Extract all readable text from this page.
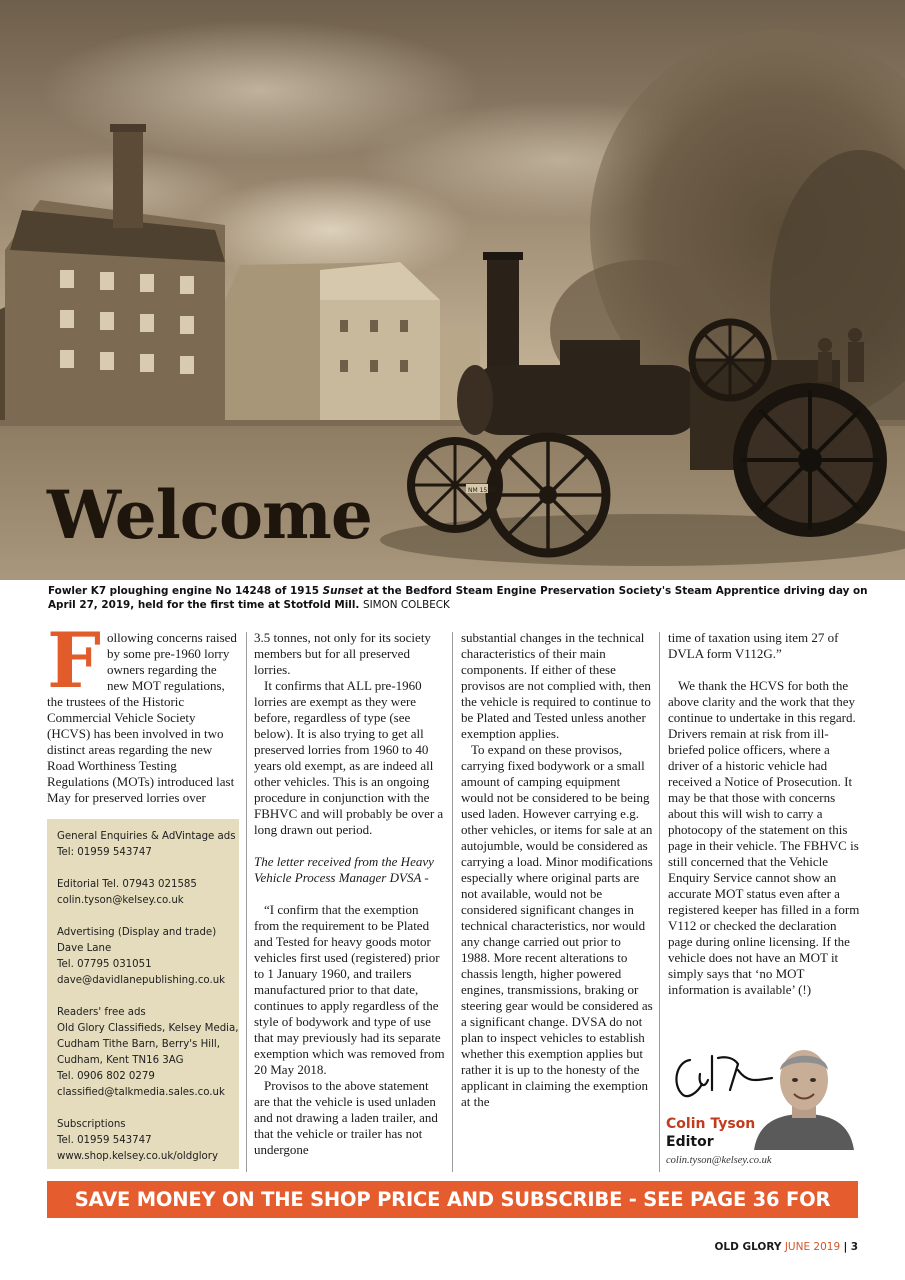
NM 1550
Welcome
Fowler K7 ploughing engine No 14248 of 1915 Sunset at the Bedford Steam Engine Preservation Society's Steam Apprentice driving day on April 27, 2019, held for the first time at Stotfold Mill. SIMON COLBECK
F ollowing concerns raised by some pre-1960 lorry owners regarding the new MOT regulations, the trustees of the Historic Commercial Vehicle Society (HCVS) has been involved in two distinct areas regarding the new Road Worthiness Testing Regulations (MOTs) introduced last May for preserved lorries over

General Enquiries & AdVintage ads
Tel: 01959 543747
Editorial Tel. 07943 021585
colin.tyson@kelsey.co.uk
Advertising (Display and trade)
Dave Lane
Tel. 07795 031051
dave@davidlanepublishing.co.uk
Readers' free ads
Old Glory Classifieds, Kelsey Media,
Cudham Tithe Barn, Berry's Hill,
Cudham, Kent TN16 3AG
Tel. 0906 802 0279
classified@talkmedia.sales.co.uk
Subscriptions
Tel. 01959 543747
www.shop.kelsey.co.uk/oldglory

3.5 tonnes, not only for its society members but for all preserved lorries.

It confirms that ALL pre-1960 lorries are exempt as they were before, regardless of type (see below). It is also trying to get all preserved lorries from 1960 to 40 years old exempt, as are indeed all other vehicles. This is an ongoing procedure in conjunction with the FBHVC and will probably be over a long drawn out period.

The letter received from the Heavy Vehicle Process Manager DVSA -

“I confirm that the exemption from the requirement to be Plated and Tested for heavy goods motor vehicles first used (registered) prior to 1 January 1960, and trailers manufactured prior to that date, continues to apply regardless of the style of bodywork and type of use that may previously had its separate exemption which was removed from 20 May 2018.

Provisos to the above statement are that the vehicle is used unladen and not drawing a laden trailer, and that the vehicle or trailer has not undergone

substantial changes in the technical characteristics of their main components. If either of these provisos are not complied with, then the vehicle is required to continue to be Plated and Tested unless another exemption applies.

To expand on these provisos, carrying fixed bodywork or a small amount of camping equipment would not be considered to be being used laden. However carrying e.g. other vehicles, or items for sale at an autojumble, would be considered as carrying a load. Minor modifications especially where original parts are not available, would not be considered significant changes in technical characteristics, nor would any change carried out prior to 1988. More recent alterations to chassis length, higher powered engines, transmissions, braking or steering gear would be considered as a significant change. DVSA do not plan to inspect vehicles to establish whether this exemption applies but rather it is up to the honesty of the applicant in claiming the exemption at the

time of taxation using item 27 of DVLA form V112G.”

We thank the HCVS for both the above clarity and the work that they continue to undertake in this regard. Drivers remain at risk from ill-briefed police officers, where a driver of a historic vehicle had received a Notice of Prosecution. It may be that those with concerns about this will wish to carry a photocopy of the statement on this page in their vehicle. The FBHVC is still concerned that the Vehicle Enquiry Service cannot show an accurate MOT status even after a registered keeper has filled in a form V112 or checked the declaration page during online licensing. If the vehicle does not have an MOT it simply says that ‘no MOT information is available’ (!)

Colin Tyson
Editor
colin.tyson@kelsey.co.uk
SAVE MONEY ON THE SHOP PRICE AND SUBSCRIBE - SEE PAGE 36 FOR DETAILS	OLD GLORY JUNE 2019 | 3
